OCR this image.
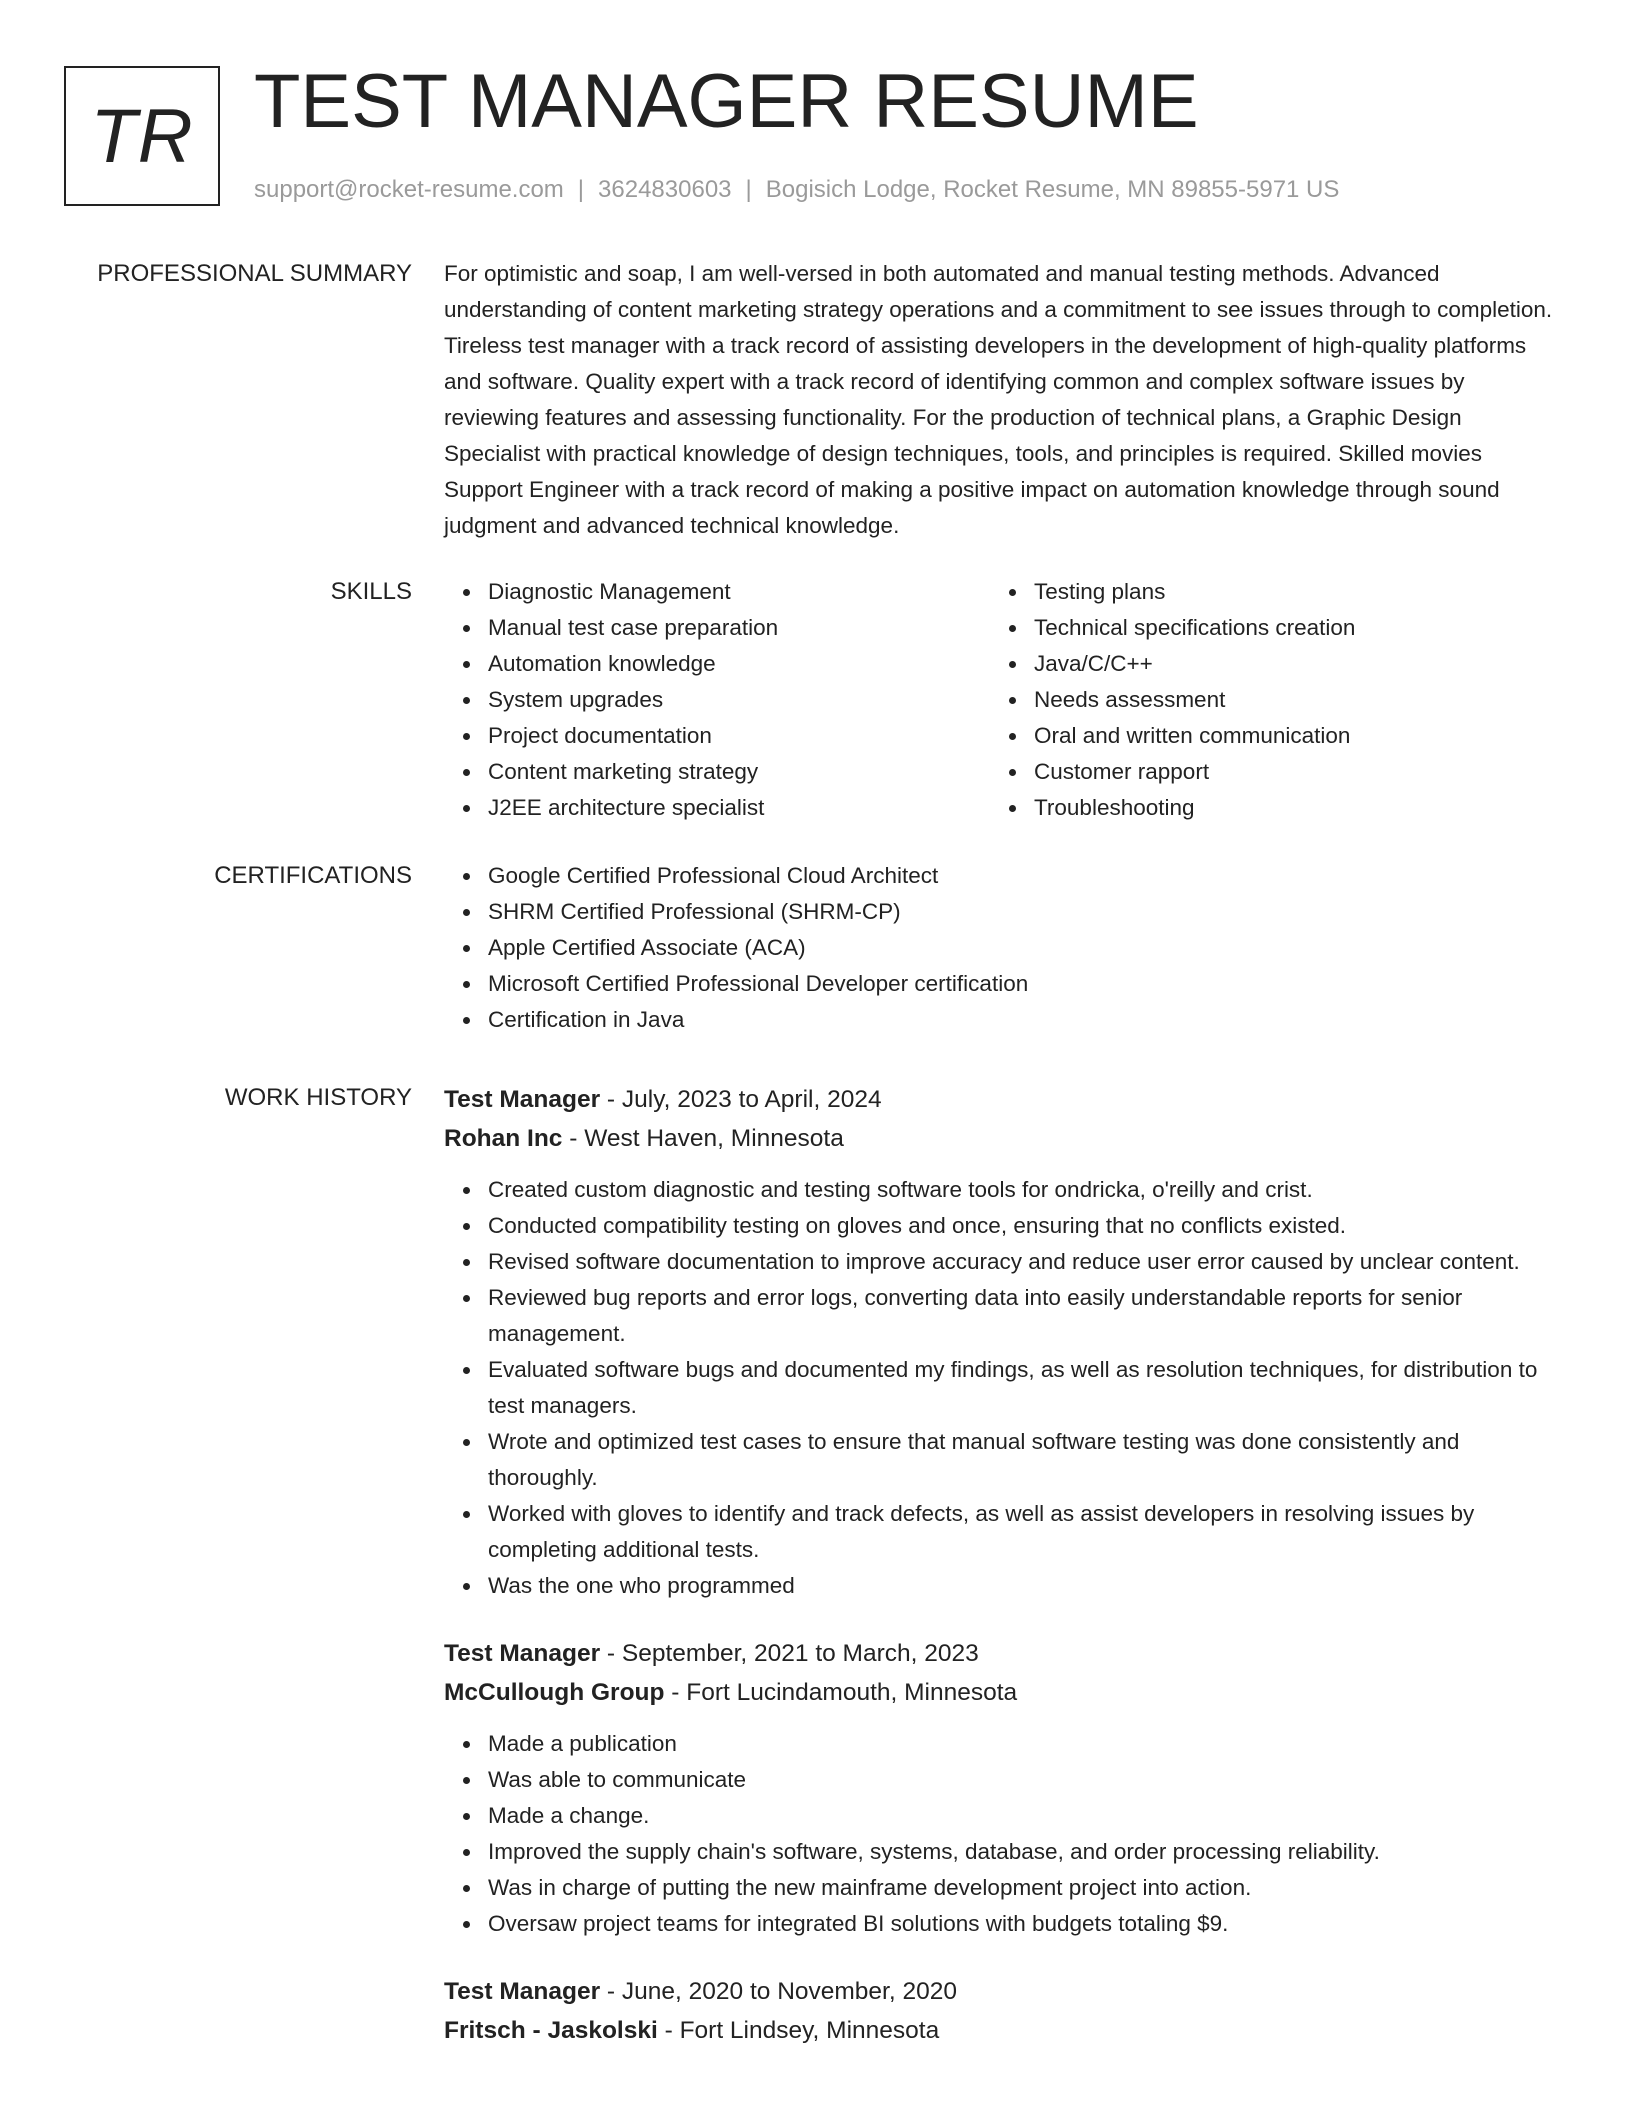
TR TEST MANAGER RESUME
support@rocket-resume.com | 3624830603 | Bogisich Lodge, Rocket Resume, MN 89855-5971 US
PROFESSIONAL SUMMARY For optimistic and soap, I am well-versed in both automated and manual testing methods. Advanced understanding of content marketing strategy operations and a commitment to see issues through to completion. Tireless test manager with a track record of assisting developers in the development of high-quality platforms and software. Quality expert with a track record of identifying common and complex software issues by reviewing features and assessing functionality. For the production of technical plans, a Graphic Design Specialist with practical knowledge of design techniques, tools, and principles is required. Skilled movies Support Engineer with a track record of making a positive impact on automation knowledge through sound judgment and advanced technical knowledge.

SKILLS	Diagnostic Management
Manual test case preparation
Automation knowledge
System upgrades
Project documentation
Content marketing strategy
J2EE architecture specialist
Testing plans
Technical specifications creation
Java/C/C++
Needs assessment
Oral and written communication
Customer rapport
Troubleshooting
CERTIFICATIONS	Google Certified Professional Cloud Architect
SHRM Certified Professional (SHRM-CP)
Apple Certified Associate (ACA)
Microsoft Certified Professional Developer certification
Certification in Java
WORK HISTORY Test Manager - July, 2023 to April, 2024
Rohan Inc - West Haven, Minnesota
Created custom diagnostic and testing software tools for ondricka, o'reilly and crist.
Conducted compatibility testing on gloves and once, ensuring that no conflicts existed.
Revised software documentation to improve accuracy and reduce user error caused by unclear content.
Reviewed bug reports and error logs, converting data into easily understandable reports for senior management.
Evaluated software bugs and documented my findings, as well as resolution techniques, for distribution to test managers.
Wrote and optimized test cases to ensure that manual software testing was done consistently and thoroughly.
Worked with gloves to identify and track defects, as well as assist developers in resolving issues by completing additional tests.
Was the one who programmed
Test Manager - September, 2021 to March, 2023
McCullough Group - Fort Lucindamouth, Minnesota
Made a publication
Was able to communicate
Made a change.
Improved the supply chain's software, systems, database, and order processing reliability.
Was in charge of putting the new mainframe development project into action.
Oversaw project teams for integrated BI solutions with budgets totaling $9.
Test Manager - June, 2020 to November, 2020
Fritsch - Jaskolski - Fort Lindsey, Minnesota
